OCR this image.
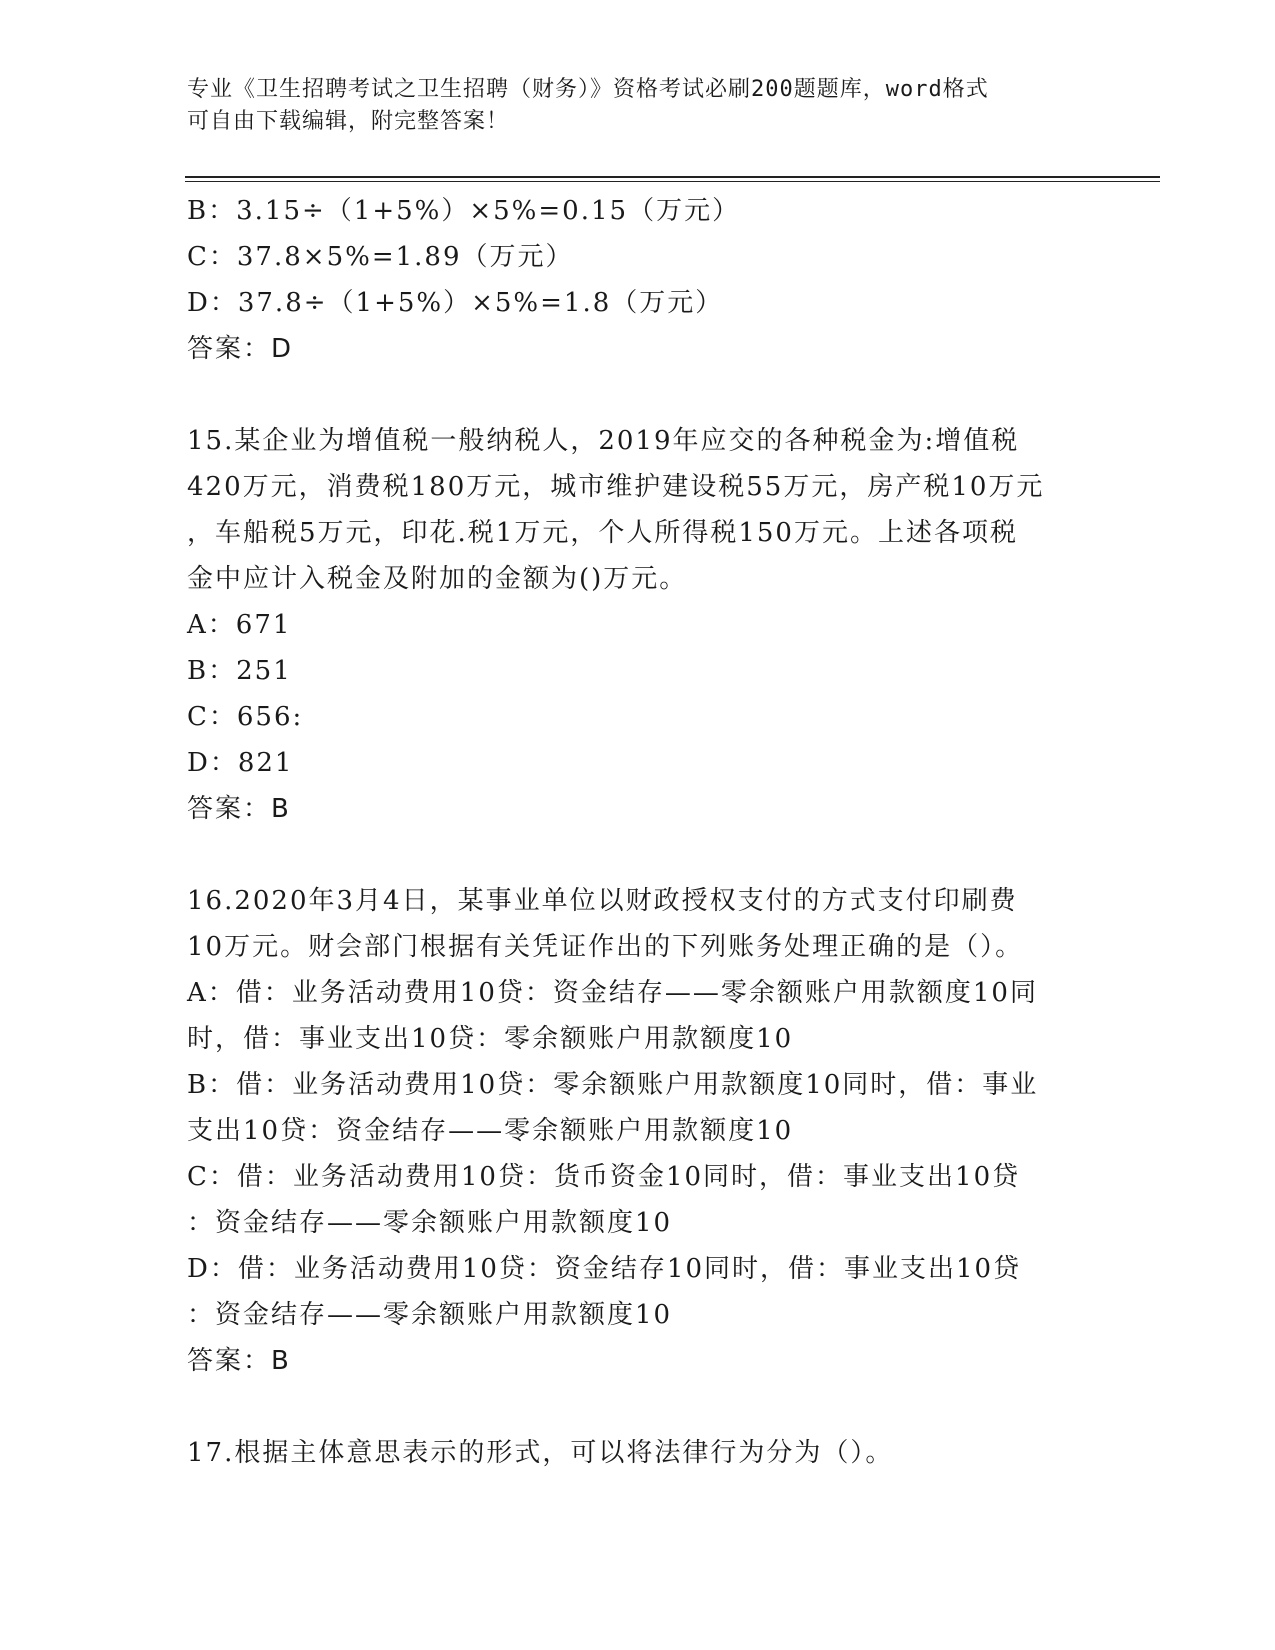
专业《卫生招聘考试之卫生招聘（财务）》资格考试必刷200题题库，word格式
可自由下载编辑，附完整答案！
B：3.15÷（1+5%）×5%=0.15（万元）
C：37.8×5%=1.89（万元）
D：37.8÷（1+5%）×5%=1.8（万元）
答案：D
15.某企业为增值税一般纳税人，2019年应交的各种税金为:增值税
420万元，消费税180万元，城市维护建设税55万元，房产税10万元
，车船税5万元，印花.税1万元，个人所得税150万元。上述各项税
金中应计入税金及附加的金额为()万元。
A：671
B：251
C：656:
D：821
答案：B
16.2020年3月4日，某事业单位以财政授权支付的方式支付印刷费
10万元。财会部门根据有关凭证作出的下列账务处理正确的是（）。
A：借：业务活动费用10贷：资金结存——零余额账户用款额度10同
时，借：事业支出10贷：零余额账户用款额度10
B：借：业务活动费用10贷：零余额账户用款额度10同时，借：事业
支出10贷：资金结存——零余额账户用款额度10
C：借：业务活动费用10贷：货币资金10同时，借：事业支出10贷
：资金结存——零余额账户用款额度10
D：借：业务活动费用10贷：资金结存10同时，借：事业支出10贷
：资金结存——零余额账户用款额度10
答案：B
17.根据主体意思表示的形式，可以将法律行为分为（）。
